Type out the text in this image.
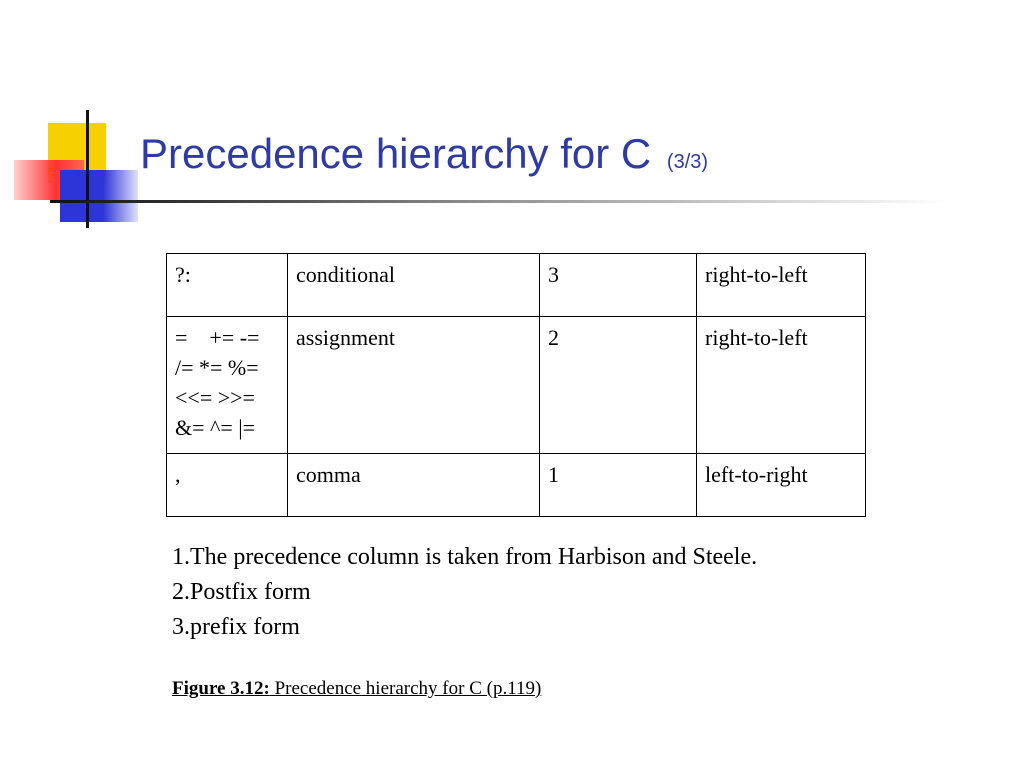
Precedence hierarchy for C (3/3)
?:	conditional	3	right-to-left

=    += -=
/= *= %=
<<= >>=
&= ^= |=	assignment	2	right-to-left
,	comma	1	left-to-right
1.The precedence column is taken from Harbison and Steele.
2.Postfix form
3.prefix form
Figure 3.12: Precedence hierarchy for C (p.119)
